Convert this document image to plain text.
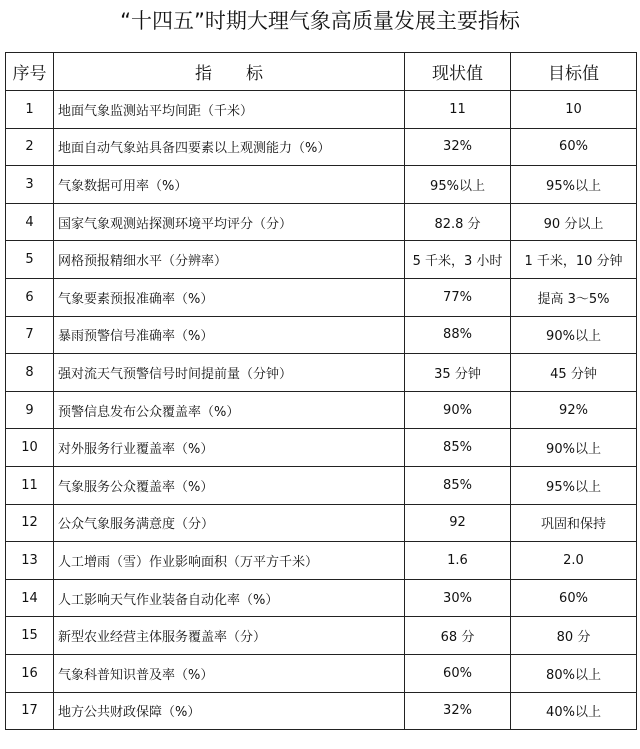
“十四五”时期大理气象高质量发展主要指标
序号	指　　标	现状值	目标值
1	地面气象监测站平均间距（千米）	11	10
2	地面自动气象站具备四要素以上观测能力（%）	32%	60%
3	气象数据可用率（%）	95%以上	95%以上
4	国家气象观测站探测环境平均评分（分）	82.8 分	90 分以上
5	网格预报精细水平（分辨率）	5 千米，3 小时	1 千米，10 分钟
6	气象要素预报准确率（%）	77%	提高 3～5%
7	暴雨预警信号准确率（%）	88%	90%以上
8	强对流天气预警信号时间提前量（分钟）	35 分钟	45 分钟
9	预警信息发布公众覆盖率（%）	90%	92%
10	对外服务行业覆盖率（%）	85%	90%以上
11	气象服务公众覆盖率（%）	85%	95%以上
12	公众气象服务满意度（分）	92	巩固和保持
13	人工增雨（雪）作业影响面积（万平方千米）	1.6	2.0
14	人工影响天气作业装备自动化率（%）	30%	60%
15	新型农业经营主体服务覆盖率（分）	68 分	80 分
16	气象科普知识普及率（%）	60%	80%以上
17	地方公共财政保障（%）	32%	40%以上
